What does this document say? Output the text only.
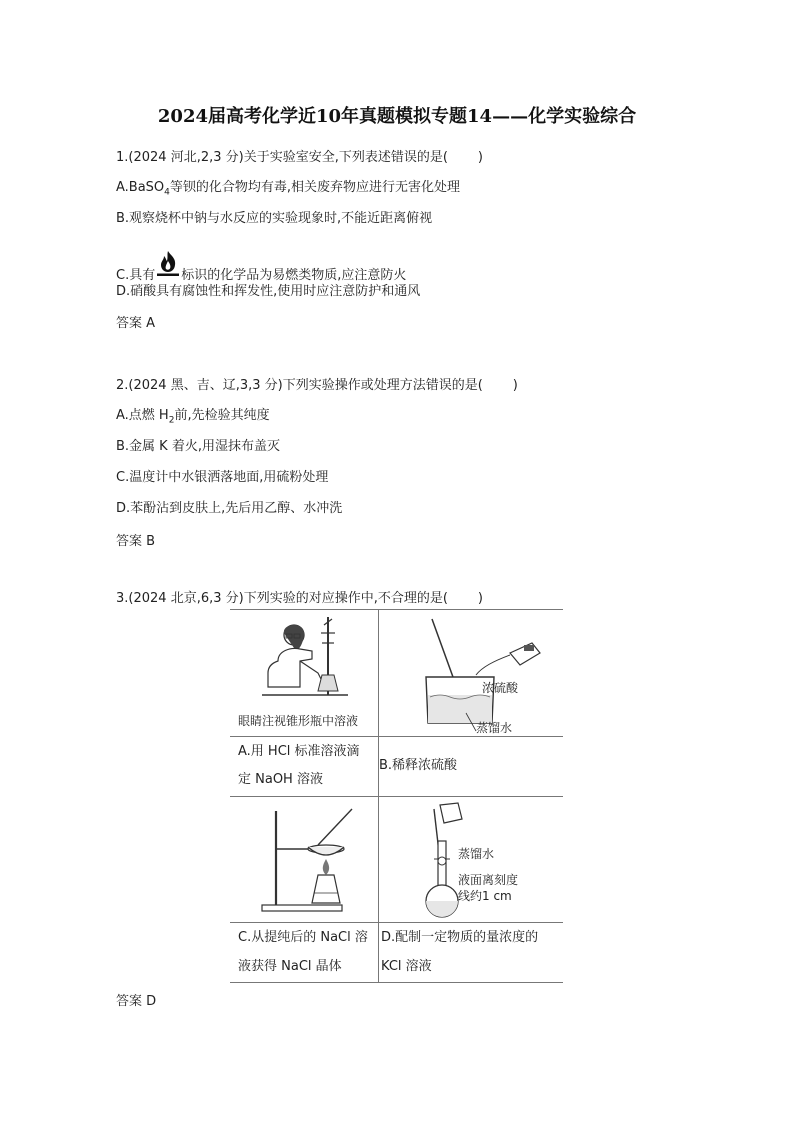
2024届高考化学近10年真题模拟专题14——化学实验综合
1.(2024 河北,2,3 分)关于实验室安全,下列表述错误的是( )
A.BaSO$_4$等钡的化合物均有毒,相关废弃物应进行无害化处理
B.观察烧杯中钠与水反应的实验现象时,不能近距离俯视
C.具有 标识的化学品为易燃类物质,应注意防火
D.硝酸具有腐蚀性和挥发性,使用时应注意防护和通风
答案 A
2.(2024 黑、吉、辽,3,3 分)下列实验操作或处理方法错误的是( )
A.点燃 $H_2$前,先检验其纯度
B.金属 K 着火,用湿抹布盖灭
C.温度计中水银洒落地面,用硫粉处理
D.苯酚沾到皮肤上,先后用乙醇、水冲洗
答案 B
3.(2024 北京,6,3 分)下列实验的对应操作中,不合理的是( )
眼睛注视锥形瓶中溶液
浓硫酸
蒸馏水
A.用 HCl 标准溶液滴
定 NaOH 溶液
B.稀释浓硫酸
蒸馏水
液面离刻度
线约1 cm
C.从提纯后的 NaCl 溶
液获得 NaCl 晶体
D.配制一定物质的量浓度的
KCl 溶液
答案 D
